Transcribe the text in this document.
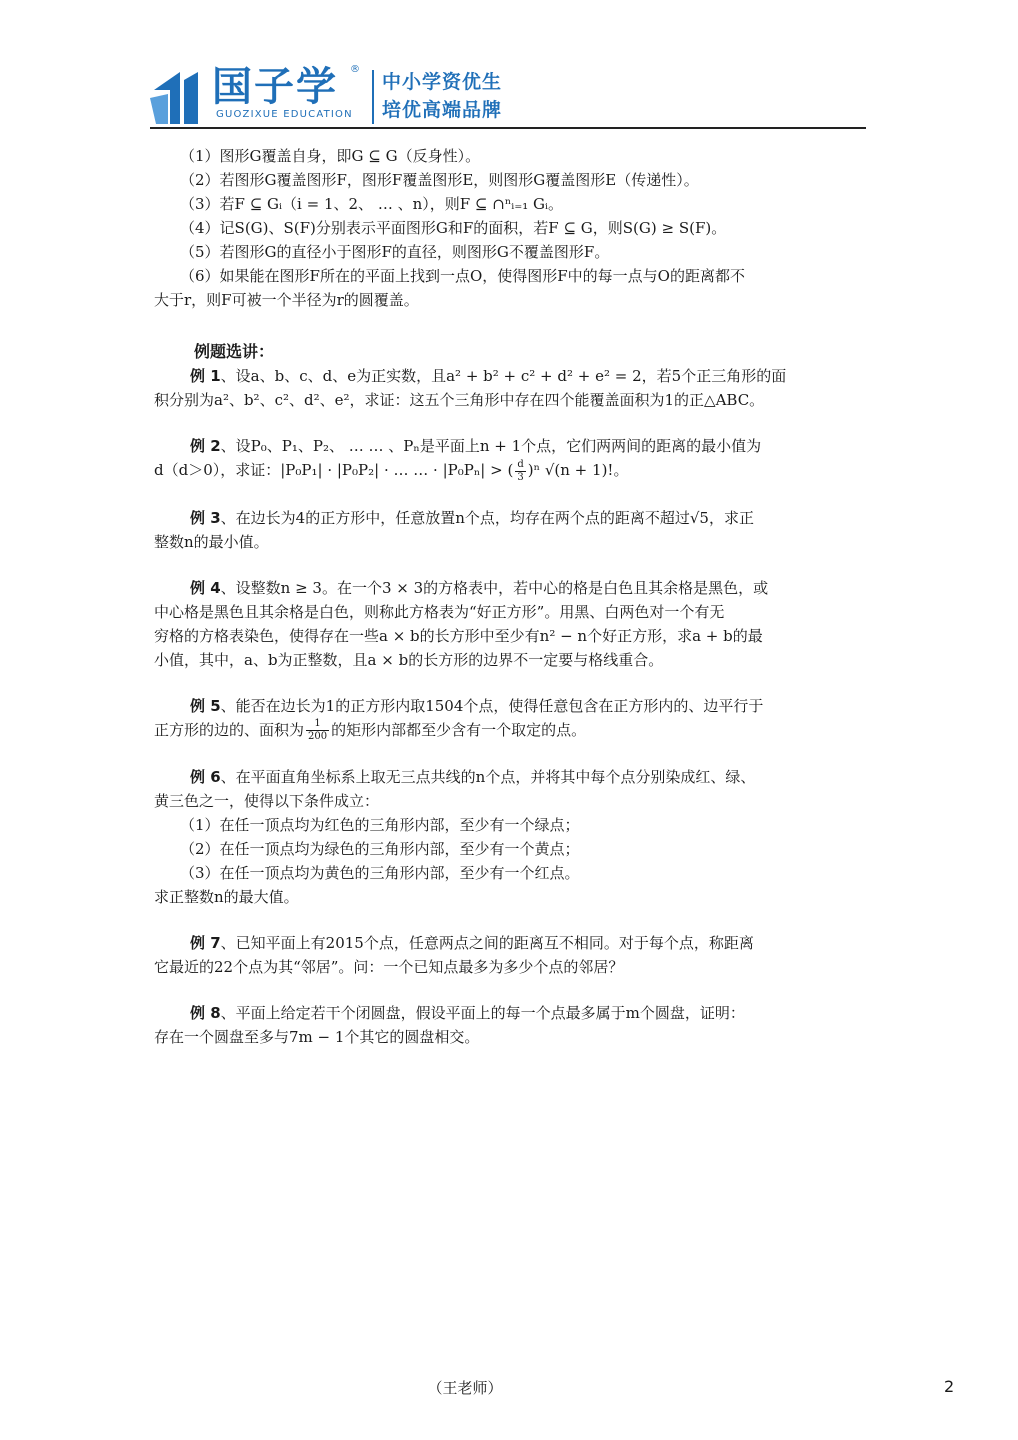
国子学 ®
GUOZIXUE EDUCATION
中小学资优生
培优高端品牌
（1）图形G覆盖自身，即G ⊆ G（反身性）。
（2）若图形G覆盖图形F，图形F覆盖图形E，则图形G覆盖图形E（传递性）。
（3）若F ⊆ Gᵢ（i = 1、2、 … 、n），则F ⊆ ∩ⁿᵢ₌₁ Gᵢ。
（4）记S(G)、S(F)分别表示平面图形G和F的面积，若F ⊆ G，则S(G) ≥ S(F)。
（5）若图形G的直径小于图形F的直径，则图形G不覆盖图形F。
（6）如果能在图形F所在的平面上找到一点O，使得图形F中的每一点与O的距离都不
大于r，则F可被一个半径为r的圆覆盖。
例题选讲：
例 1、设a、b、c、d、e为正实数，且a² + b² + c² + d² + e² = 2，若5个正三角形的面
积分别为a²、b²、c²、d²、e²，求证：这五个三角形中存在四个能覆盖面积为1的正△ABC。
例 2、设P₀、P₁、P₂、 … … 、Pₙ是平面上n + 1个点，它们两两间的距离的最小值为
d（d＞0），求证：|P₀P₁| · |P₀P₂| · … … · |P₀Pₙ| > ( $\frac{d}{3} )^n$ √(n + 1)!。
例 3、在边长为4的正方形中，任意放置n个点，均存在两个点的距离不超过√5，求正
整数n的最小值。
例 4、设整数n ≥ 3。在一个3 × 3的方格表中，若中心的格是白色且其余格是黑色，或
中心格是黑色且其余格是白色，则称此方格表为“好正方形”。用黑、白两色对一个有无
穷格的方格表染色，使得存在一些a × b的长方形中至少有n² − n个好正方形，求a + b的最
小值，其中，a、b为正整数，且a × b的长方形的边界不一定要与格线重合。
例 5、能否在边长为1的正方形内取1504个点，使得任意包含在正方形内的、边平行于
正方形的边的、面积为 $\frac{1}{200}$ 的矩形内部都至少含有一个取定的点。
例 6、在平面直角坐标系上取无三点共线的n个点，并将其中每个点分别染成红、绿、
黄三色之一，使得以下条件成立：
（1）在任一顶点均为红色的三角形内部，至少有一个绿点；
（2）在任一顶点均为绿色的三角形内部，至少有一个黄点；
（3）在任一顶点均为黄色的三角形内部，至少有一个红点。
求正整数n的最大值。
例 7、已知平面上有2015个点，任意两点之间的距离互不相同。对于每个点，称距离
它最近的22个点为其“邻居”。问：一个已知点最多为多少个点的邻居？
例 8、平面上给定若干个闭圆盘，假设平面上的每一个点最多属于m个圆盘，证明：
存在一个圆盘至多与7m − 1个其它的圆盘相交。
（王老师）	2
